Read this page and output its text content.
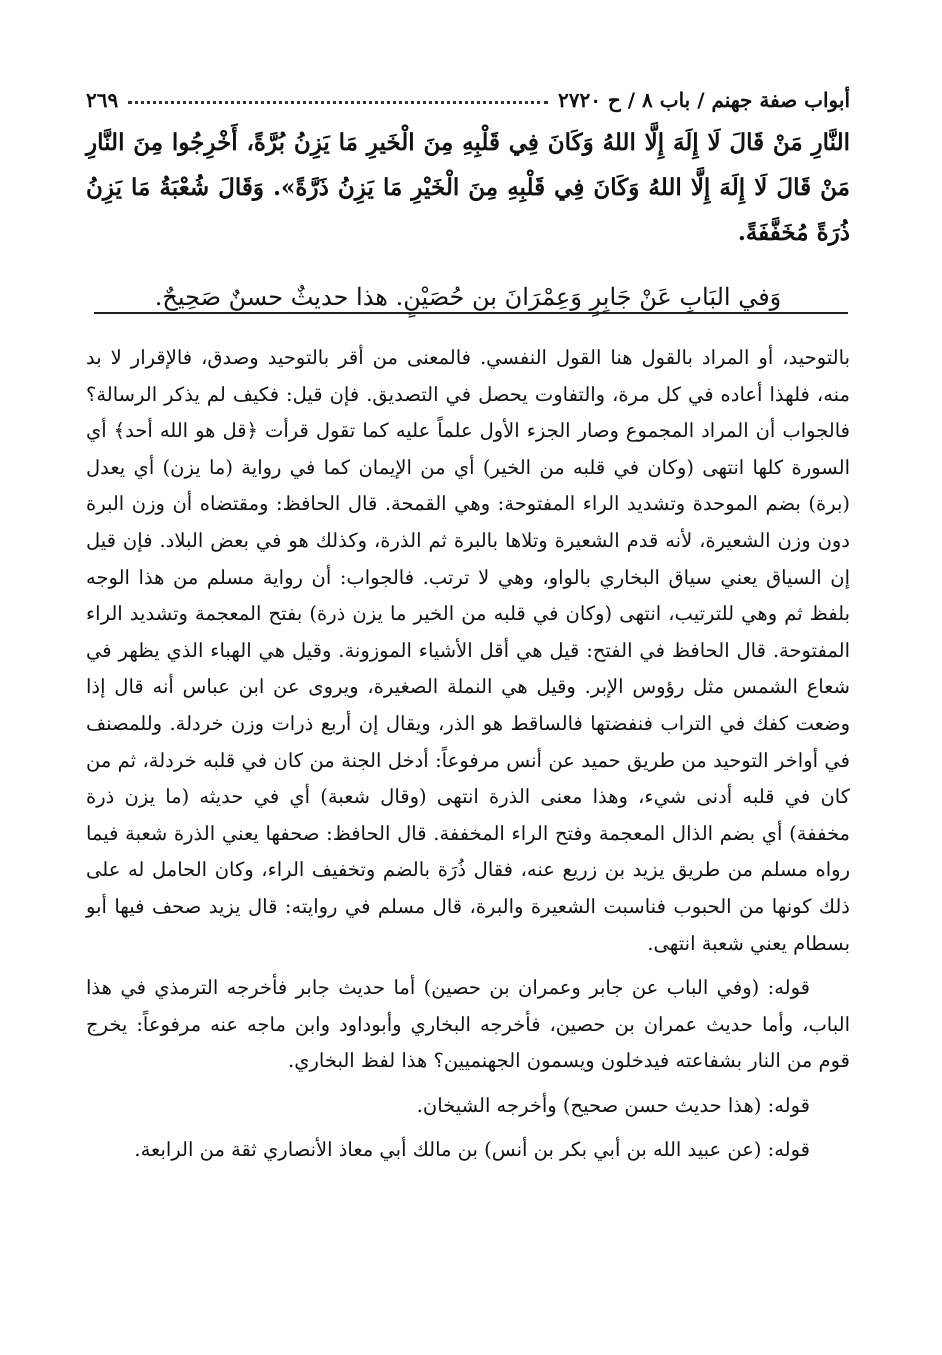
أبواب صفة جهنم / باب ٨ / ح ٢٧٢٠
٢٦٩

النَّارِ مَنْ قَالَ لَا إِلَهَ إِلَّا اللهُ وَكَانَ فِي قَلْبِهِ مِنَ الْخَيرِ مَا يَزِنُ بُرَّةً، أَخْرِجُوا مِنَ النَّارِ مَنْ قَالَ لَا إِلَهَ إِلَّا اللهُ وَكَانَ فِي قَلْبِهِ مِنَ الْخَيْرِ مَا يَزِنُ ذَرَّةً». وَقَالَ شُعْبَةُ مَا يَزِنُ ذُرَةً مُخَفَّفَةً.

وَفي البَابِ عَنْ جَابِرٍ وَعِمْرَانَ بن حُصَيْنٍ. هذا حديثٌ حسنٌ صَحِيحٌ.

بالتوحيد، أو المراد بالقول هنا القول النفسي. فالمعنى من أقر بالتوحيد وصدق، فالإقرار لا بد منه، فلهذا أعاده في كل مرة، والتفاوت يحصل في التصديق. فإن قيل: فكيف لم يذكر الرسالة؟ فالجواب أن المراد المجموع وصار الجزء الأول علماً عليه كما تقول قرأت ﴿قل هو الله أحد﴾ أي السورة كلها انتهى (وكان في قلبه من الخير) أي من الإيمان كما في رواية (ما يزن) أي يعدل (برة) بضم الموحدة وتشديد الراء المفتوحة: وهي القمحة. قال الحافظ: ومقتضاه أن وزن البرة دون وزن الشعيرة، لأنه قدم الشعيرة وتلاها بالبرة ثم الذرة، وكذلك هو في بعض البلاد. فإن قيل إن السياق يعني سياق البخاري بالواو، وهي لا ترتب. فالجواب: أن رواية مسلم من هذا الوجه بلفظ ثم وهي للترتيب، انتهى (وكان في قلبه من الخير ما يزن ذرة) بفتح المعجمة وتشديد الراء المفتوحة. قال الحافظ في الفتح: قيل هي أقل الأشياء الموزونة. وقيل هي الهباء الذي يظهر في شعاع الشمس مثل رؤوس الإبر. وقيل هي النملة الصغيرة، ويروى عن ابن عباس أنه قال إذا وضعت كفك في التراب فنفضتها فالساقط هو الذر، ويقال إن أربع ذرات وزن خردلة. وللمصنف في أواخر التوحيد من طريق حميد عن أنس مرفوعاً: أدخل الجنة من كان في قلبه خردلة، ثم من كان في قلبه أدنى شيء، وهذا معنى الذرة انتهى (وقال شعبة) أي في حديثه (ما يزن ذرة مخففة) أي بضم الذال المعجمة وفتح الراء المخففة. قال الحافظ: صحفها يعني الذرة شعبة فيما رواه مسلم من طريق يزيد بن زريع عنه، فقال ذُرَة بالضم وتخفيف الراء، وكان الحامل له على ذلك كونها من الحبوب فناسبت الشعيرة والبرة، قال مسلم في روايته: قال يزيد صحف فيها أبو بسطام يعني شعبة انتهى.

قوله: (وفي الباب عن جابر وعمران بن حصين) أما حديث جابر فأخرجه الترمذي في هذا الباب، وأما حديث عمران بن حصين، فأخرجه البخاري وأبوداود وابن ماجه عنه مرفوعاً: يخرج قوم من النار بشفاعته فيدخلون ويسمون الجهنميين؟ هذا لفظ البخاري.

قوله: (هذا حديث حسن صحيح) وأخرجه الشيخان.

قوله: (عن عبيد الله بن أبي بكر بن أنس) بن مالك أبي معاذ الأنصاري ثقة من الرابعة.
